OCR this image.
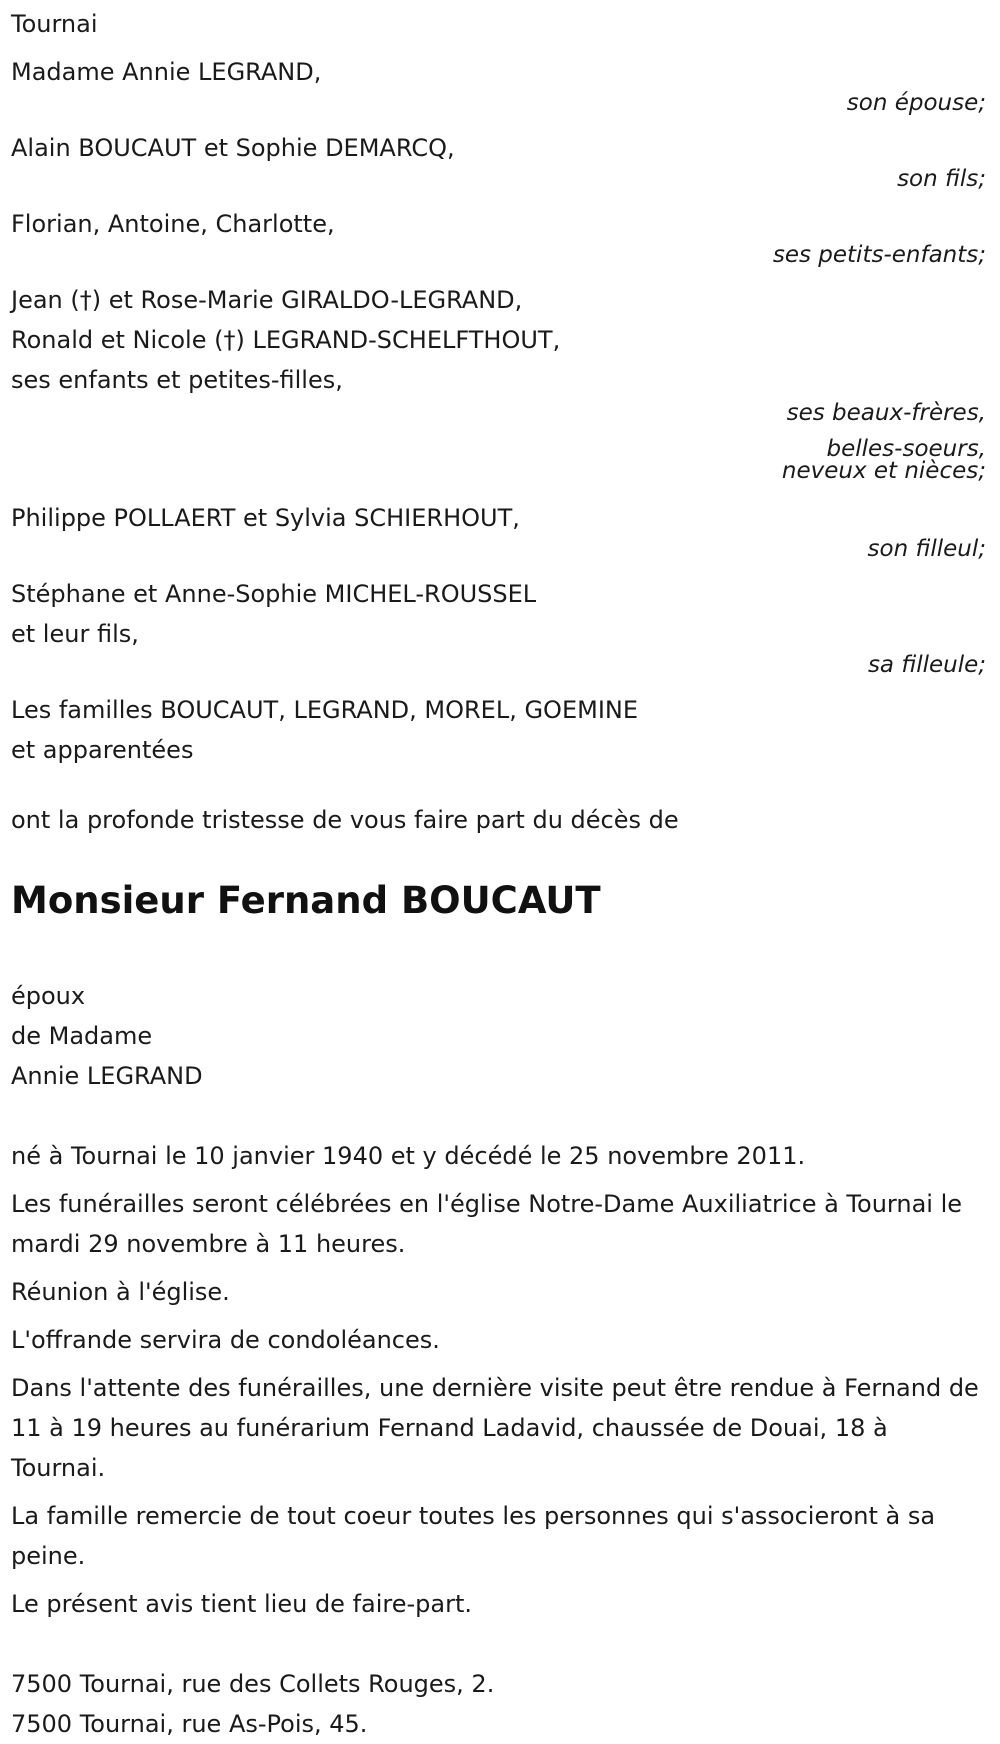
Tournai
Madame Annie LEGRAND,
son épouse;
Alain BOUCAUT et Sophie DEMARCQ,
son fils;
Florian, Antoine, Charlotte,
ses petits-enfants;
Jean (†) et Rose-Marie GIRALDO-LEGRAND,
Ronald et Nicole (†) LEGRAND-SCHELFTHOUT,
ses enfants et petites-filles,
ses beaux-frères,
belles-soeurs,
neveux et nièces;
Philippe POLLAERT et Sylvia SCHIERHOUT,
son filleul;
Stéphane et Anne-Sophie MICHEL-ROUSSEL
et leur fils,
sa filleule;
Les familles BOUCAUT, LEGRAND, MOREL, GOEMINE
et apparentées
ont la profonde tristesse de vous faire part du décès de
Monsieur Fernand BOUCAUT
époux
de Madame
Annie LEGRAND
né à Tournai le 10 janvier 1940 et y décédé le 25 novembre 2011.
Les funérailles seront célébrées en l'église Notre-Dame Auxiliatrice à Tournai le mardi 29 novembre à 11 heures.
Réunion à l'église.
L'offrande servira de condoléances.
Dans l'attente des funérailles, une dernière visite peut être rendue à Fernand de 11 à 19 heures au funérarium Fernand Ladavid, chaussée de Douai, 18 à Tournai.
La famille remercie de tout coeur toutes les personnes qui s'associeront à sa peine.
Le présent avis tient lieu de faire-part.
7500 Tournai, rue des Collets Rouges, 2.
7500 Tournai, rue As-Pois, 45.
